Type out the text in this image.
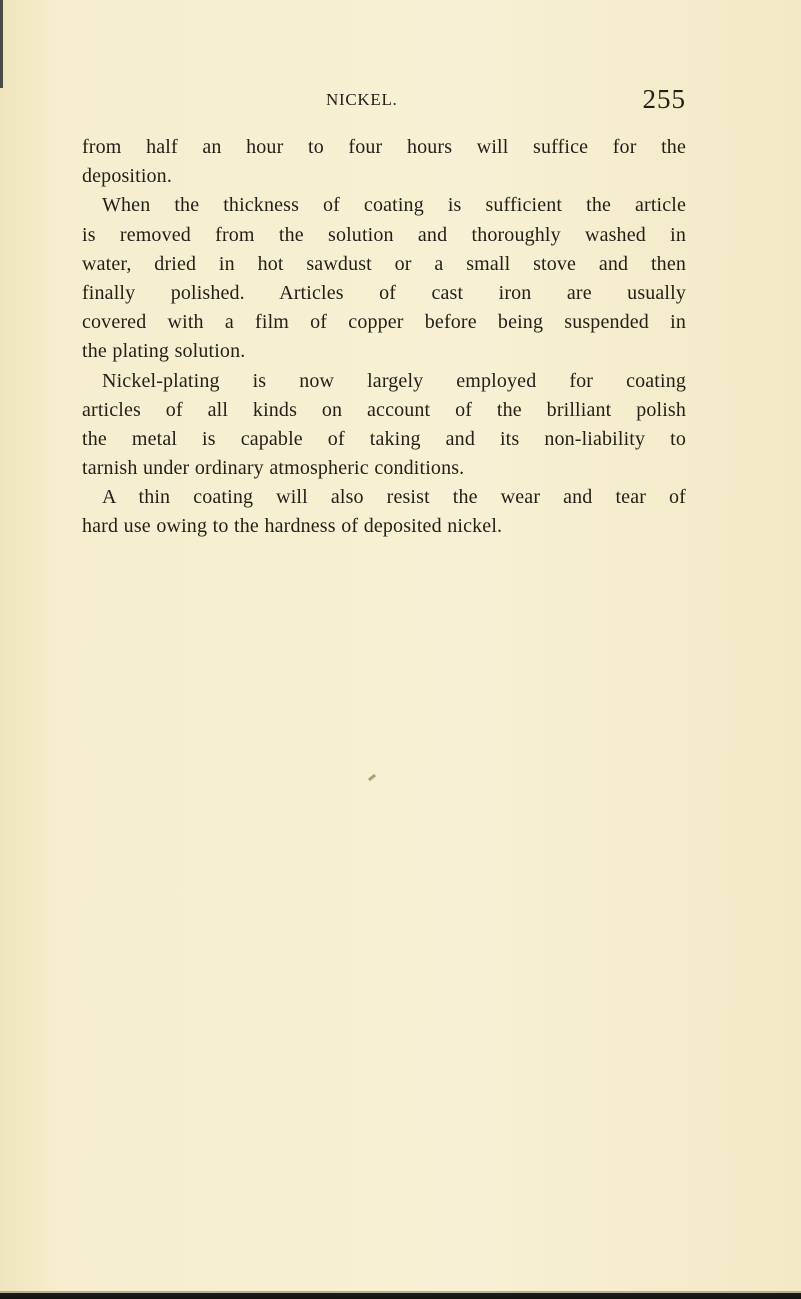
NICKEL.	255
from half an hour to four hours will suffice for the
deposition.
When the thickness of coating is sufficient the article
is removed from the solution and thoroughly washed in
water, dried in hot sawdust or a small stove and then
finally polished. Articles of cast iron are usually
covered with a film of copper before being suspended in
the plating solution.
Nickel-plating is now largely employed for coating
articles of all kinds on account of the brilliant polish
the metal is capable of taking and its non-liability to
tarnish under ordinary atmospheric conditions.
A thin coating will also resist the wear and tear of
hard use owing to the hardness of deposited nickel.
